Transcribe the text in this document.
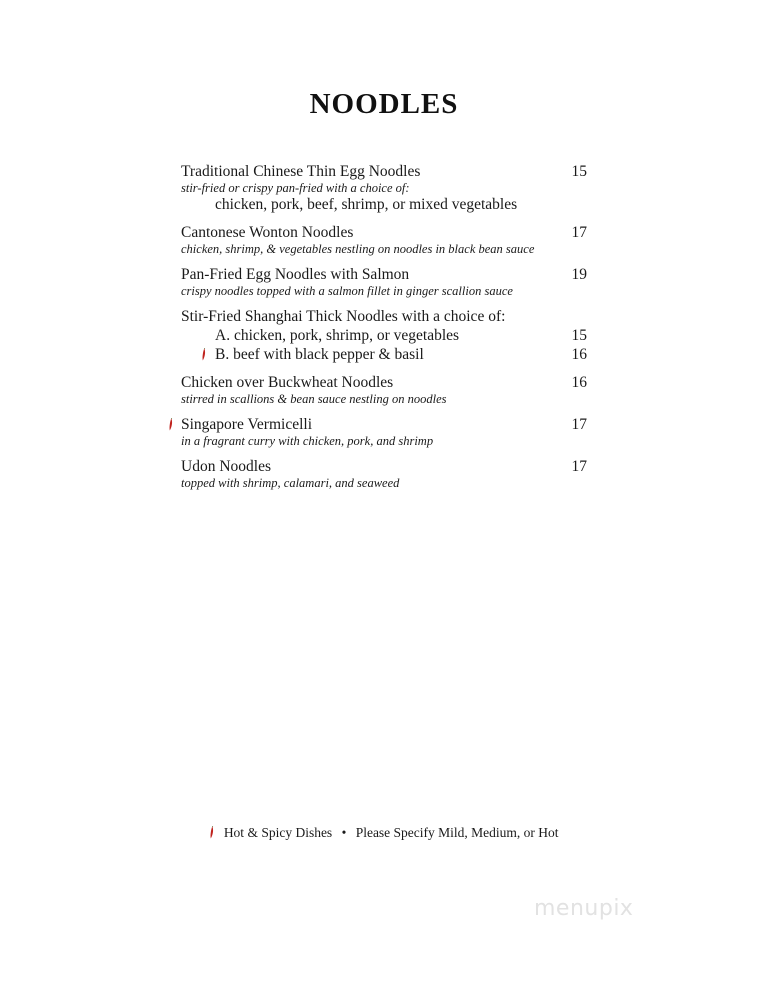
NOODLES
Traditional Chinese Thin Egg Noodles	15
stir-fried or crispy pan-fried with a choice of:
chicken, pork, beef, shrimp, or mixed vegetables
Cantonese Wonton Noodles	17
chicken, shrimp, & vegetables nestling on noodles in black bean sauce
Pan-Fried Egg Noodles with Salmon	19
crispy noodles topped with a salmon fillet in ginger scallion sauce
Stir-Fried Shanghai Thick Noodles with a choice of:
A. chicken, pork, shrimp, or vegetables	15
B. beef with black pepper & basil	16
Chicken over Buckwheat Noodles	16
stirred in scallions & bean sauce nestling on noodles
Singapore Vermicelli	17
in a fragrant curry with chicken, pork, and shrimp
Udon Noodles	17
topped with shrimp, calamari, and seaweed
Hot & Spicy Dishes • Please Specify Mild, Medium, or Hot
menupix
